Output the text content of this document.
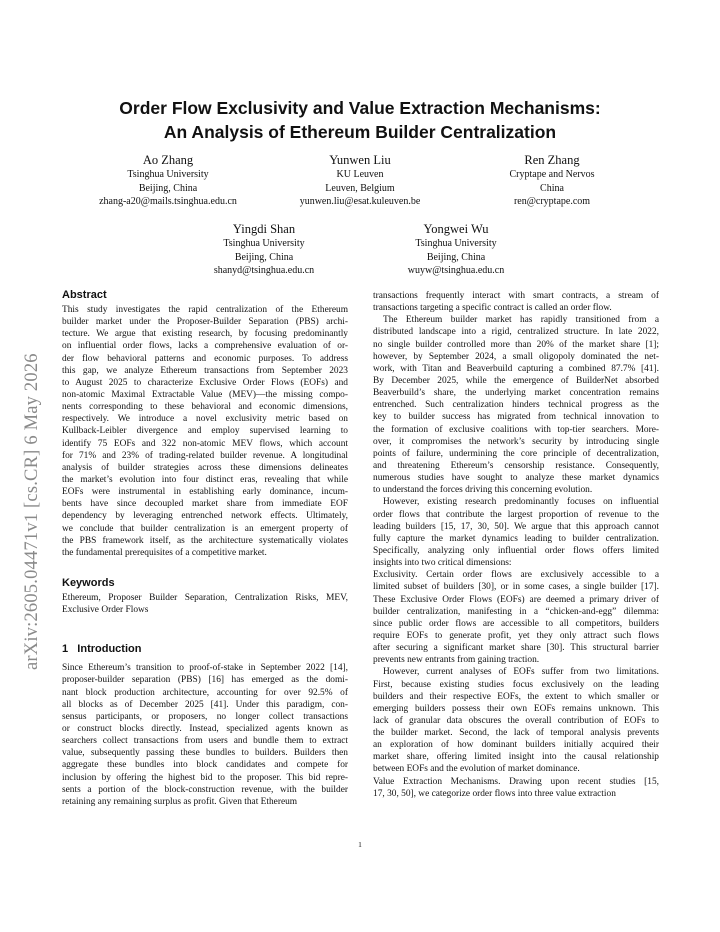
arXiv:2605.04471v1 [cs.CR] 6 May 2026
Order Flow Exclusivity and Value Extraction Mechanisms:
An Analysis of Ethereum Builder Centralization
Ao Zhang
Tsinghua University
Beijing, China
zhang-a20@mails.tsinghua.edu.cn
Yunwen Liu
KU Leuven
Leuven, Belgium
yunwen.liu@esat.kuleuven.be
Ren Zhang
Cryptape and Nervos
China
ren@cryptape.com
Yingdi Shan
Tsinghua University
Beijing, China
shanyd@tsinghua.edu.cn
Yongwei Wu
Tsinghua University
Beijing, China
wuyw@tsinghua.edu.cn
Abstract
This study investigates the rapid centralization of the Ethereum
builder market under the Proposer-Builder Separation (PBS) archi-
tecture. We argue that existing research, by focusing predominantly
on influential order flows, lacks a comprehensive evaluation of or-
der flow behavioral patterns and economic purposes. To address
this gap, we analyze Ethereum transactions from September 2023
to August 2025 to characterize Exclusive Order Flows (EOFs) and
non-atomic Maximal Extractable Value (MEV)—the missing compo-
nents corresponding to these behavioral and economic dimensions,
respectively. We introduce a novel exclusivity metric based on
Kullback-Leibler divergence and employ supervised learning to
identify 75 EOFs and 322 non-atomic MEV flows, which account
for 71% and 23% of trading-related builder revenue. A longitudinal
analysis of builder strategies across these dimensions delineates
the market’s evolution into four distinct eras, revealing that while
EOFs were instrumental in establishing early dominance, incum-
bents have since decoupled market share from immediate EOF
dependency by leveraging entrenched network effects. Ultimately,
we conclude that builder centralization is an emergent property of
the PBS framework itself, as the architecture systematically violates
the fundamental prerequisites of a competitive market.
Keywords
Ethereum, Proposer Builder Separation, Centralization Risks, MEV,
Exclusive Order Flows
1 Introduction
Since Ethereum’s transition to proof-of-stake in September 2022 [14],
proposer-builder separation (PBS) [16] has emerged as the domi-
nant block production architecture, accounting for over 92.5% of
all blocks as of December 2025 [41]. Under this paradigm, con-
sensus participants, or proposers, no longer collect transactions
or construct blocks directly. Instead, specialized agents known as
searchers collect transactions from users and bundle them to extract
value, subsequently passing these bundles to builders. Builders then
aggregate these bundles into block candidates and compete for
inclusion by offering the highest bid to the proposer. This bid repre-
sents a portion of the block-construction revenue, with the builder
retaining any remaining surplus as profit. Given that Ethereum
transactions frequently interact with smart contracts, a stream of
transactions targeting a specific contract is called an order flow.
The Ethereum builder market has rapidly transitioned from a
distributed landscape into a rigid, centralized structure. In late 2022,
no single builder controlled more than 20% of the market share [1];
however, by September 2024, a small oligopoly dominated the net-
work, with Titan and Beaverbuild capturing a combined 87.7% [41].
By December 2025, while the emergence of BuilderNet absorbed
Beaverbuild’s share, the underlying market concentration remains
entrenched. Such centralization hinders technical progress as the
key to builder success has migrated from technical innovation to
the formation of exclusive coalitions with top-tier searchers. More-
over, it compromises the network’s security by introducing single
points of failure, undermining the core principle of decentralization,
and threatening Ethereum’s censorship resistance. Consequently,
numerous studies have sought to analyze these market dynamics
to understand the forces driving this concerning evolution.
However, existing research predominantly focuses on influential
order flows that contribute the largest proportion of revenue to the
leading builders [15, 17, 30, 50]. We argue that this approach cannot
fully capture the market dynamics leading to builder centralization.
Specifically, analyzing only influential order flows offers limited
insights into two critical dimensions:
Exclusivity. Certain order flows are exclusively accessible to a
limited subset of builders [30], or in some cases, a single builder [17].
These Exclusive Order Flows (EOFs) are deemed a primary driver of
builder centralization, manifesting in a “chicken-and-egg” dilemma:
since public order flows are accessible to all competitors, builders
require EOFs to generate profit, yet they only attract such flows
after securing a significant market share [30]. This structural barrier
prevents new entrants from gaining traction.
However, current analyses of EOFs suffer from two limitations.
First, because existing studies focus exclusively on the leading
builders and their respective EOFs, the extent to which smaller or
emerging builders possess their own EOFs remains unknown. This
lack of granular data obscures the overall contribution of EOFs to
the builder market. Second, the lack of temporal analysis prevents
an exploration of how dominant builders initially acquired their
market share, offering limited insight into the causal relationship
between EOFs and the evolution of market dominance.
Value Extraction Mechanisms. Drawing upon recent studies [15,
17, 30, 50], we categorize order flows into three value extraction
1
